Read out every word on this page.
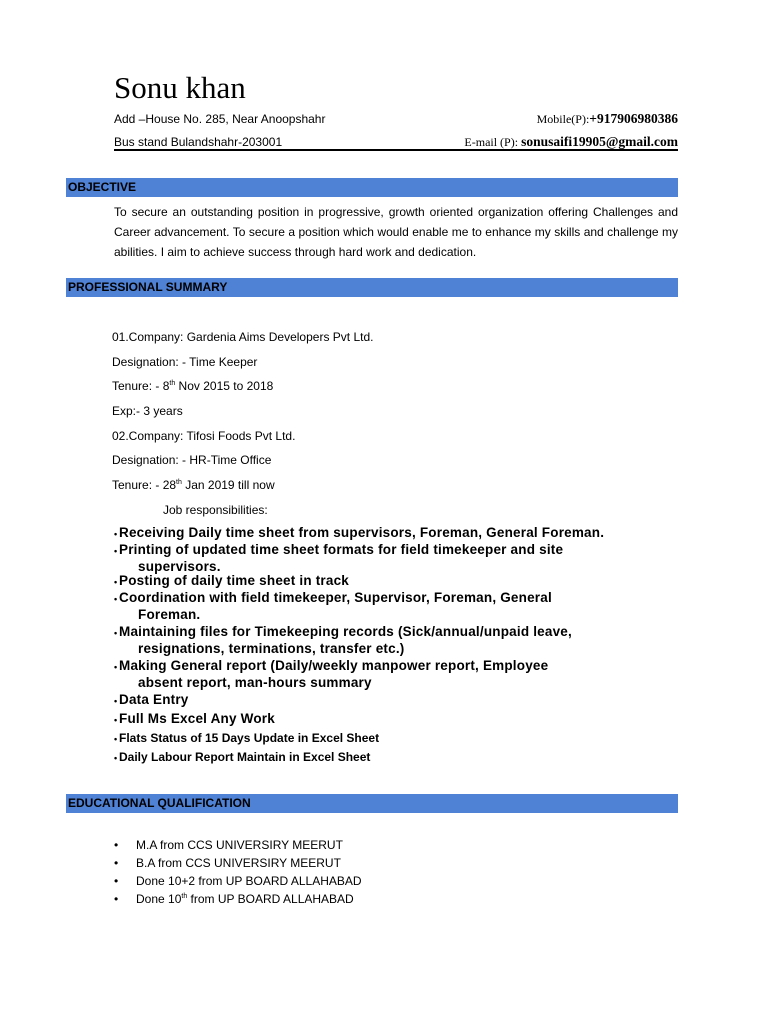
Sonu khan
Add –House No. 285, Near Anoopshahr	Mobile(P):+917906980386
Bus stand Bulandshahr-203001	E-mail (P): sonusaifi19905@gmail.com
OBJECTIVE
To secure an outstanding position in progressive, growth oriented organization offering Challenges and Career advancement. To secure a position which would enable me to enhance my skills and challenge my abilities. I aim to achieve success through hard work and dedication.
PROFESSIONAL SUMMARY
01.Company: Gardenia Aims Developers Pvt Ltd.
Designation: - Time Keeper
Tenure: - 8th Nov 2015 to 2018
Exp:- 3 years
02.Company: Tifosi Foods Pvt Ltd.
Designation: - HR-Time Office
Tenure: - 28th Jan 2019 till now
Job responsibilities:
• Receiving Daily time sheet from supervisors, Foreman, General Foreman.
• Printing of updated time sheet formats for field timekeeper and site
supervisors.
• Posting of daily time sheet in track
• Coordination with field timekeeper, Supervisor, Foreman, General
Foreman.
• Maintaining files for Timekeeping records (Sick/annual/unpaid leave,
resignations, terminations, transfer etc.)
• Making General report (Daily/weekly manpower report, Employee
absent report, man-hours summary
• Data Entry
• Full Ms Excel Any Work
• Flats Status of 15 Days Update in Excel Sheet
• Daily Labour Report Maintain in Excel Sheet
EDUCATIONAL QUALIFICATION
• M.A from CCS UNIVERSIRY MEERUT
• B.A from CCS UNIVERSIRY MEERUT
• Done 10+2 from UP BOARD ALLAHABAD
• Done 10th from UP BOARD ALLAHABAD
